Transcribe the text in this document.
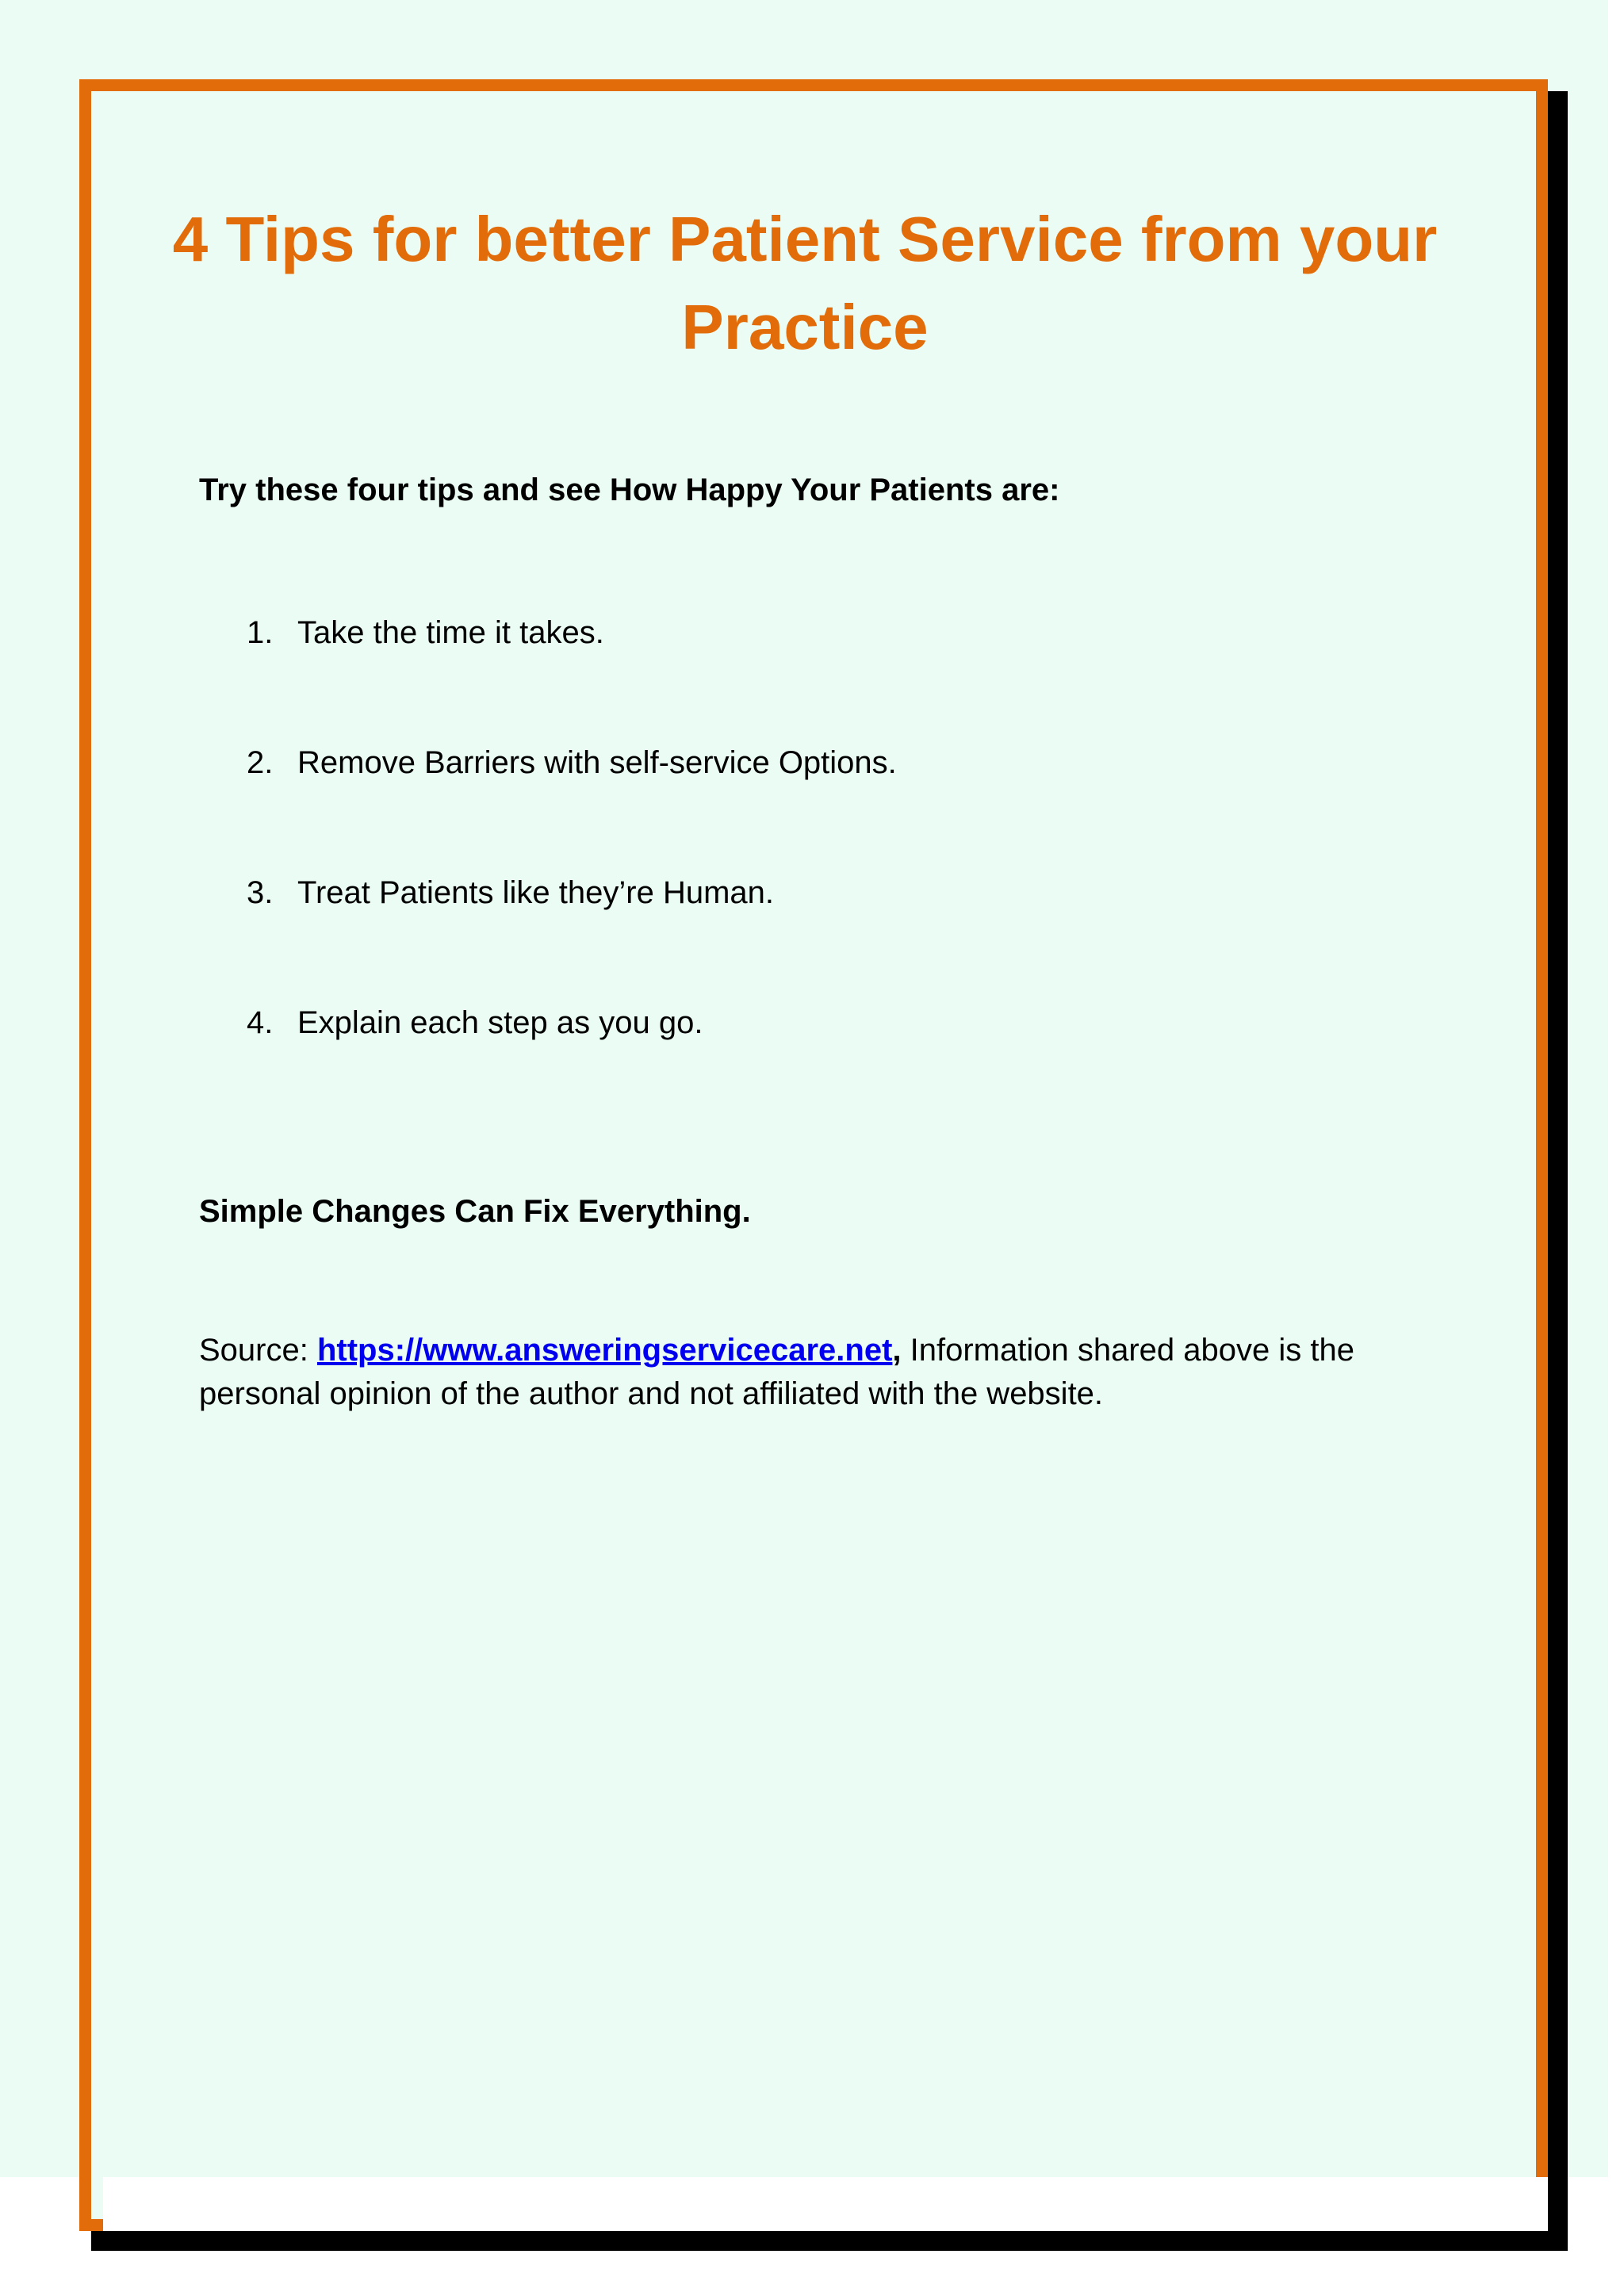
4 Tips for better Patient Service from your Practice

Try these four tips and see How Happy Your Patients are:

1. Take the time it takes.
2. Remove Barriers with self-service Options.
3. Treat Patients like they’re Human.
4. Explain each step as you go.

Simple Changes Can Fix Everything.

Source: https://www.answeringservicecare.net, Information shared above is the personal opinion of the author and not affiliated with the website.
